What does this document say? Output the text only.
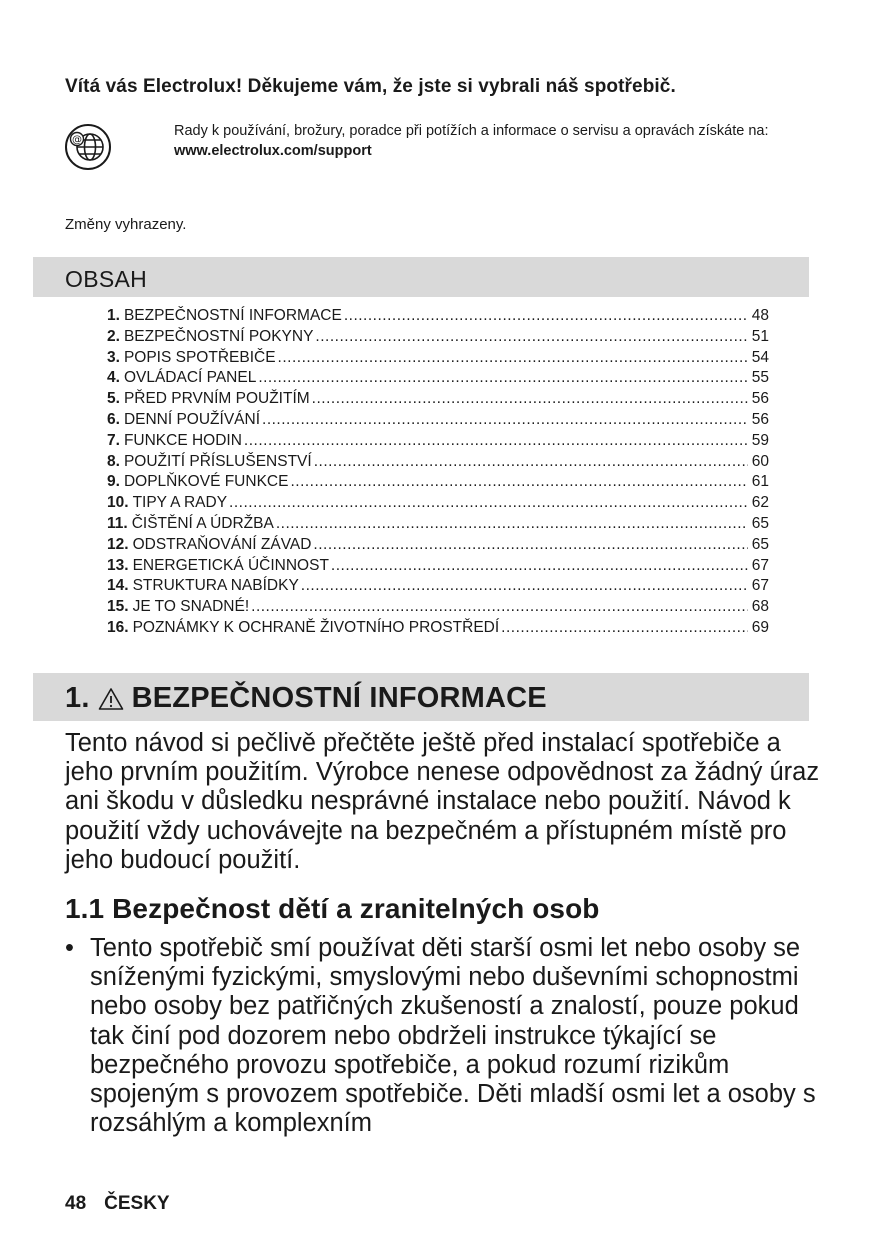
Vítá vás Electrolux! Děkujeme vám, že jste si vybrali náš spotřebič.
@
Rady k používání, brožury, poradce při potížích a informace o servisu a opravách získáte na:
www.electrolux.com/support
Změny vyhrazeny.
OBSAH
1. BEZPEČNOSTNÍ INFORMACE .....	48
2. BEZPEČNOSTNÍ POKYNY .....	51
3. POPIS SPOTŘEBIČE .....	54
4. OVLÁDACÍ PANEL .....	55
5. PŘED PRVNÍM POUŽITÍM .....	56
6. DENNÍ POUŽÍVÁNÍ .....	56
7. FUNKCE HODIN .....	59
8. POUŽITÍ PŘÍSLUŠENSTVÍ .....	60
9. DOPLŇKOVÉ FUNKCE .....	61
10. TIPY A RADY .....	62
11. ČIŠTĚNÍ A ÚDRŽBA .....	65
12. ODSTRAŇOVÁNÍ ZÁVAD .....	65
13. ENERGETICKÁ ÚČINNOST .....	67
14. STRUKTURA NABÍDKY .....	67
15. JE TO SNADNÉ! .....	68
16. POZNÁMKY K OCHRANĚ ŽIVOTNÍHO PROSTŘEDÍ .....	69
1. BEZPEČNOSTNÍ INFORMACE

Tento návod si pečlivě přečtěte ještě před instalací spotřebiče a jeho prvním použitím. Výrobce nenese odpovědnost za žádný úraz ani škodu v důsledku nesprávné instalace nebo použití. Návod k použití vždy uchovávejte na bezpečném a přístupném místě pro jeho budoucí použití.

1.1 Bezpečnost dětí a zranitelných osob
• Tento spotřebič smí používat děti starší osmi let nebo osoby se sníženými fyzickými, smyslovými nebo duševními schopnostmi nebo osoby bez patřičných zkušeností a znalostí, pouze pokud tak činí pod dozorem nebo obdrželi instrukce týkající se bezpečného provozu spotřebiče, a pokud rozumí rizikům spojeným s provozem spotřebiče. Děti mladší osmi let a osoby s rozsáhlým a komplexním
48 ČESKY
